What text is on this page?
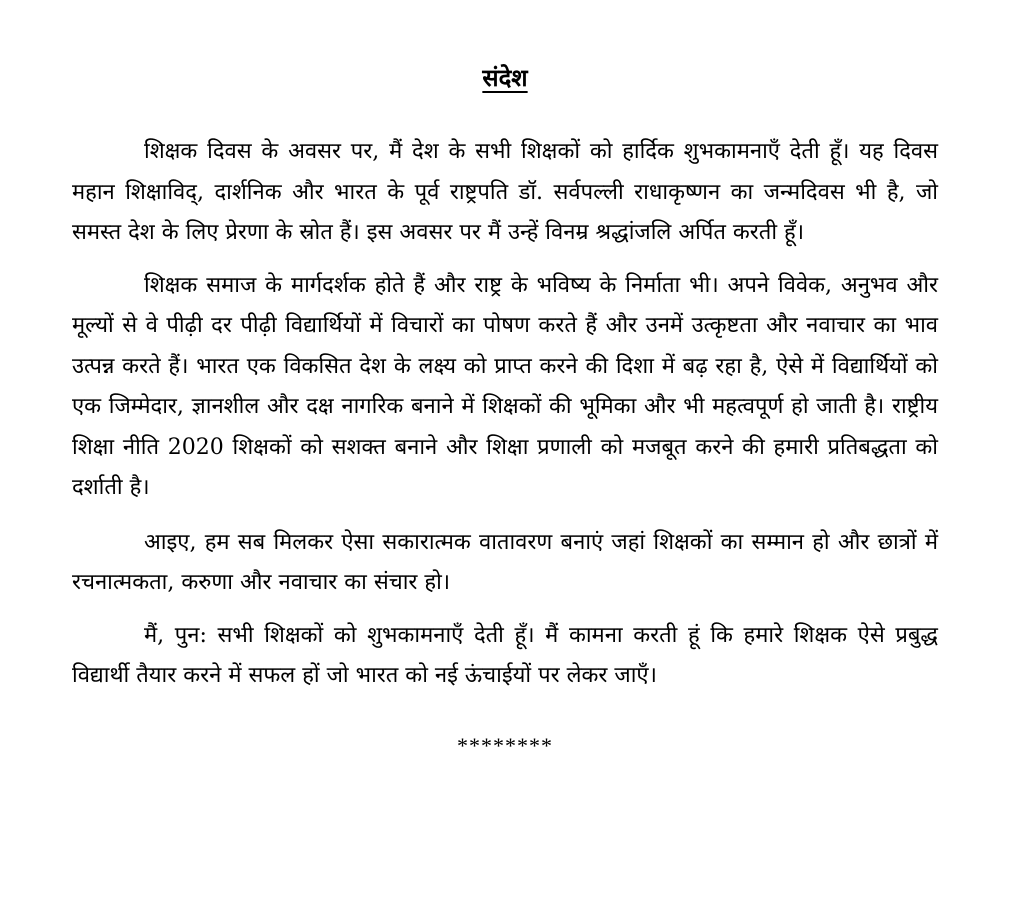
संदेश

शिक्षक दिवस के अवसर पर, मैं देश के सभी शिक्षकों को हार्दिक शुभकामनाएँ देती हूँ। यह दिवस महान शिक्षाविद्, दार्शनिक और भारत के पूर्व राष्ट्रपति डॉ. सर्वपल्ली राधाकृष्णन का जन्मदिवस भी है, जो समस्त देश के लिए प्रेरणा के स्रोत हैं। इस अवसर पर मैं उन्हें विनम्र श्रद्धांजलि अर्पित करती हूँ।

शिक्षक समाज के मार्गदर्शक होते हैं और राष्ट्र के भविष्य के निर्माता भी। अपने विवेक, अनुभव और मूल्यों से वे पीढ़ी दर पीढ़ी विद्यार्थियों में विचारों का पोषण करते हैं और उनमें उत्कृष्टता और नवाचार का भाव उत्पन्न करते हैं। भारत एक विकसित देश के लक्ष्य को प्राप्त करने की दिशा में बढ़ रहा है, ऐसे में विद्यार्थियों को एक जिम्मेदार, ज्ञानशील और दक्ष नागरिक बनाने में शिक्षकों की भूमिका और भी महत्वपूर्ण हो जाती है। राष्ट्रीय शिक्षा नीति 2020 शिक्षकों को सशक्त बनाने और शिक्षा प्रणाली को मजबूत करने की हमारी प्रतिबद्धता को दर्शाती है।

आइए, हम सब मिलकर ऐसा सकारात्मक वातावरण बनाएं जहां शिक्षकों का सम्मान हो और छात्रों में रचनात्मकता, करुणा और नवाचार का संचार हो।

मैं, पुन: सभी शिक्षकों को शुभकामनाएँ देती हूँ। मैं कामना करती हूं कि हमारे शिक्षक ऐसे प्रबुद्ध विद्यार्थी तैयार करने में सफल हों जो भारत को नई ऊंचाईयों पर लेकर जाएँ।

********
